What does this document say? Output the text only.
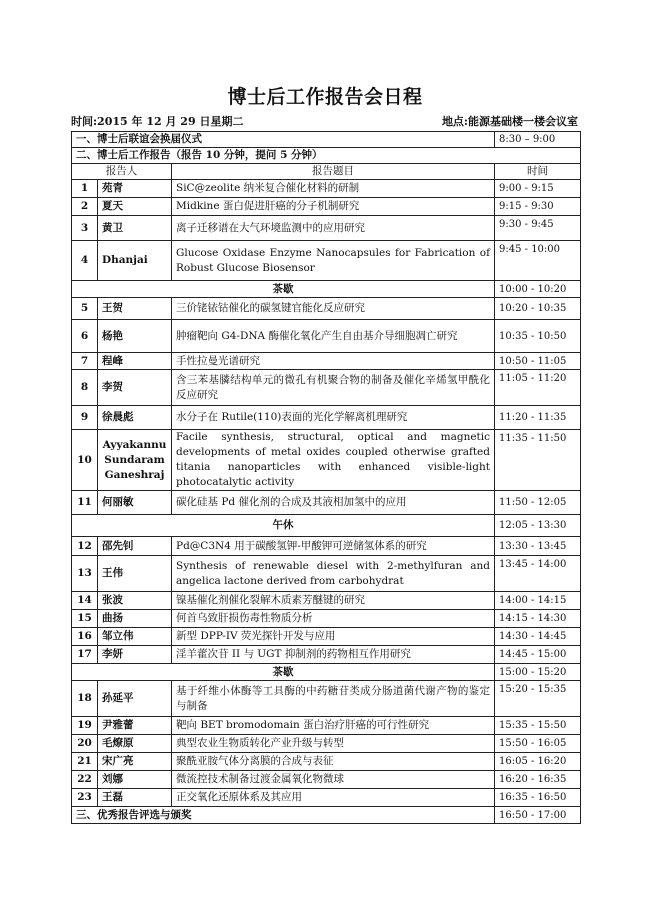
博士后工作报告会日程
时间:2015 年 12 月 29 日星期二	地点:能源基础楼一楼会议室
一、博士后联谊会换届仪式			8:30 – 9:00
二、博士后工作报告（报告 10 分钟，提问 5 分钟）			
报告人		报告题目	时间
1	苑青	SiC@zeolite 纳米复合催化材料的研制	9:00 - 9:15
2	夏天	Midkine 蛋白促进肝癌的分子机制研究	9:15 - 9:30
3	黄卫	离子迁移谱在大气环境监测中的应用研究	9:30 - 9:45
4	Dhanjai	Glucose Oxidase Enzyme Nanocapsules for Fabrication of Robust Glucose Biosensor	9:45 - 10:00
茶歇			10:00 - 10:20
5	王贺	三价铑铱钴催化的碳氢键官能化反应研究	10:20 - 10:35
6	杨艳	肿瘤靶向 G4-DNA 酶催化氧化产生自由基介导细胞凋亡研究	10:35 - 10:50
7	程峰	手性拉曼光谱研究	10:50 - 11:05
8	李贺	含三苯基膦结构单元的微孔有机聚合物的制备及催化辛烯氢甲酰化反应研究	11:05 - 11:20
9	徐晨彪	水分子在 Rutile(110)表面的光化学解离机理研究	11:20 - 11:35
10	Ayyakannu Sundaram Ganeshraj	Facile synthesis, structural, optical and magnetic developments of metal oxides coupled otherwise grafted titania nanoparticles with enhanced visible-light photocatalytic activity	11:35 - 11:50
11	何丽敏	碳化硅基 Pd 催化剂的合成及其液相加氢中的应用	11:50 - 12:05
午休			12:05 - 13:30
12	邵先钊	Pd@C3N4 用于碳酸氢钾-甲酸钾可逆储氢体系的研究	13:30 - 13:45
13	王伟	Synthesis of renewable diesel with 2-methylfuran and angelica lactone derived from carbohydrat	13:45 - 14:00
14	张波	镍基催化剂催化裂解木质素芳醚键的研究	14:00 - 14:15
15	曲扬	何首乌致肝损伤毒性物质分析	14:15 - 14:30
16	邹立伟	新型 DPP-IV 荧光探针开发与应用	14:30 - 14:45
17	李妍	淫羊藿次苷 II 与 UGT 抑制剂的药物相互作用研究	14:45 - 15:00
茶歇			15:00 - 15:20
18	孙延平	基于纤维小体酶等工具酶的中药糖苷类成分肠道菌代谢产物的鉴定与制备	15:20 - 15:35
19	尹雅蕾	靶向 BET bromodomain 蛋白治疗肝癌的可行性研究	15:35 - 15:50
20	毛燎原	典型农业生物质转化产业升级与转型	15:50 - 16:05
21	宋广亮	聚酰亚胺气体分离膜的合成与表征	16:05 - 16:20
22	刘娜	微流控技术制备过渡金属氧化物微球	16:20 - 16:35
23	王磊	正交氧化还原体系及其应用	16:35 - 16:50
三、优秀报告评选与颁奖			16:50 - 17:00
